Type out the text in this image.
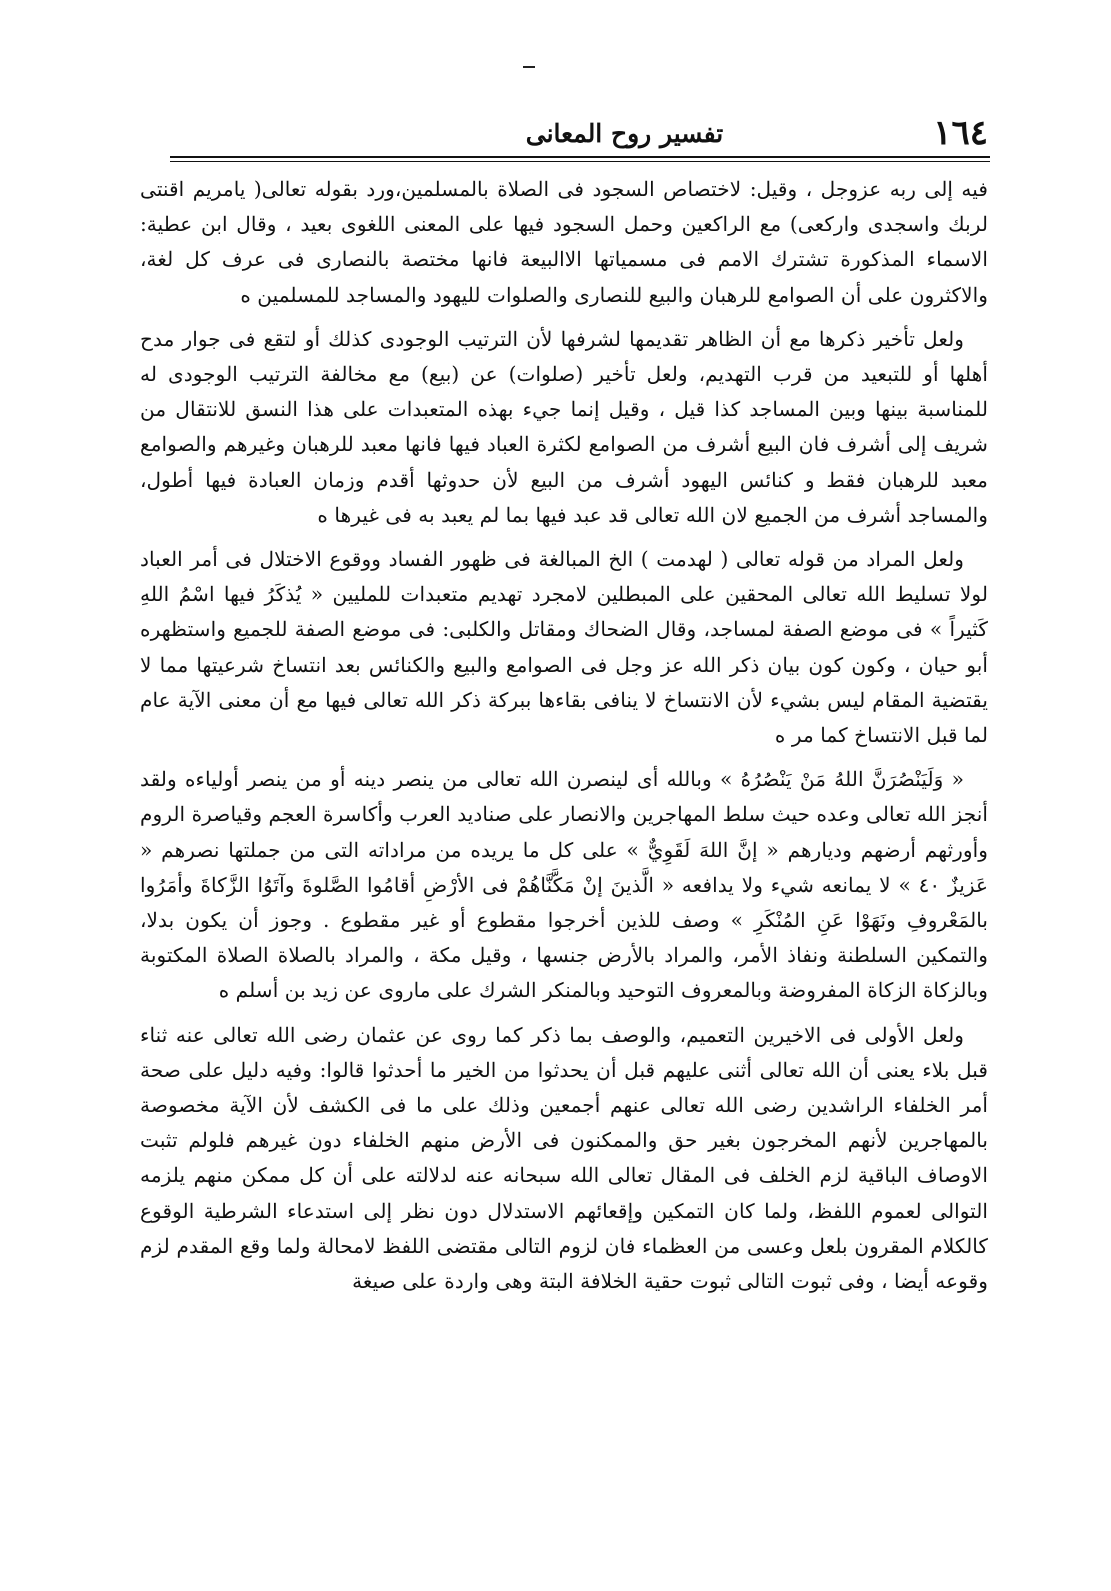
١٦٤
تفسير روح المعانى

فيه إلى ربه عزوجل ، وقيل: لاختصاص السجود فى الصلاة بالمسلمين،ورد بقوله تعالى( يامريم اقنتى لربك واسجدى واركعى) مع الراكعين وحمل السجود فيها على المعنى اللغوى بعيد ، وقال ابن عطية: الاسماء المذكورة تشترك الامم فى مسمياتها الاالبيعة فانها مختصة بالنصارى فى عرف كل لغة، والاكثرون على أن الصوامع للرهبان والبيع للنصارى والصلوات لليهود والمساجد للمسلمين ه

ولعل تأخير ذكرها مع أن الظاهر تقديمها لشرفها لأن الترتيب الوجودى كذلك أو لتقع فى جوار مدح أهلها أو للتبعيد من قرب التهديم، ولعل تأخير (صلوات) عن (بيع) مع مخالفة الترتيب الوجودى له للمناسبة بينها وبين المساجد كذا قيل ، وقيل إنما جيء بهذه المتعبدات على هذا النسق للانتقال من شريف إلى أشرف فان البيع أشرف من الصوامع لكثرة العباد فيها فانها معبد للرهبان وغيرهم والصوامع معبد للرهبان فقط و كنائس اليهود أشرف من البيع لأن حدوثها أقدم وزمان العبادة فيها أطول، والمساجد أشرف من الجميع لان الله تعالى قد عبد فيها بما لم يعبد به فى غيرها ه

ولعل المراد من قوله تعالى ( لهدمت ) الخ المبالغة فى ظهور الفساد ووقوع الاختلال فى أمر العباد لولا تسليط الله تعالى المحقين على المبطلين لامجرد تهديم متعبدات للمليين « يُذكَرُ فيها اسْمُ اللهِ كَثيراً » فى موضع الصفة لمساجد، وقال الضحاك ومقاتل والكلبى: فى موضع الصفة للجميع واستظهره أبو حيان ، وكون كون بيان ذكر الله عز وجل فى الصوامع والبيع والكنائس بعد انتساخ شرعيتها مما لا يقتضية المقام ليس بشيء لأن الانتساخ لا ينافى بقاءها ببركة ذكر الله تعالى فيها مع أن معنى الآية عام لما قبل الانتساخ كما مر ه

« وَلَيَنْصُرَنَّ اللهُ مَنْ يَنْصُرُهُ » وبالله أى لينصرن الله تعالى من ينصر دينه أو من ينصر أولياءه ولقد أنجز الله تعالى وعده حيث سلط المهاجرين والانصار على صناديد العرب وأكاسرة العجم وقياصرة الروم وأورثهم أرضهم وديارهم « إنَّ اللهَ لَقَوِيٌّ » على كل ما يريده من مراداته التى من جملتها نصرهم « عَزيزٌ ٤٠ » لا يمانعه شيء ولا يدافعه « الَّذينَ إنْ مَكَّنَّاهُمْ فى الأرْضِ أقامُوا الصَّلوةَ وآتَوُا الزَّكاةَ وأمَرُوا بالمَعْروفِ ونَهَوْا عَنِ المُنْكَرِ » وصف للذين أخرجوا مقطوع أو غير مقطوع . وجوز أن يكون بدلا، والتمكين السلطنة ونفاذ الأمر، والمراد بالأرض جنسها ، وقيل مكة ، والمراد بالصلاة الصلاة المكتوبة وبالزكاة الزكاة المفروضة وبالمعروف التوحيد وبالمنكر الشرك على ماروى عن زيد بن أسلم ه

ولعل الأولى فى الاخيرين التعميم، والوصف بما ذكر كما روى عن عثمان رضى الله تعالى عنه ثناء قبل بلاء يعنى أن الله تعالى أثنى عليهم قبل أن يحدثوا من الخير ما أحدثوا قالوا: وفيه دليل على صحة أمر الخلفاء الراشدين رضى الله تعالى عنهم أجمعين وذلك على ما فى الكشف لأن الآية مخصوصة بالمهاجرين لأنهم المخرجون بغير حق والممكنون فى الأرض منهم الخلفاء دون غيرهم فلولم تثبت الاوصاف الباقية لزم الخلف فى المقال تعالى الله سبحانه عنه لدلالته على أن كل ممكن منهم يلزمه التوالى لعموم اللفظ، ولما كان التمكين وإقعائهم الاستدلال دون نظر إلى استدعاء الشرطية الوقوع كالكلام المقرون بلعل وعسى من العظماء فان لزوم التالى مقتضى اللفظ لامحالة ولما وقع المقدم لزم وقوعه أيضا ، وفى ثبوت التالى ثبوت حقية الخلافة البتة وهى واردة على صيغة
